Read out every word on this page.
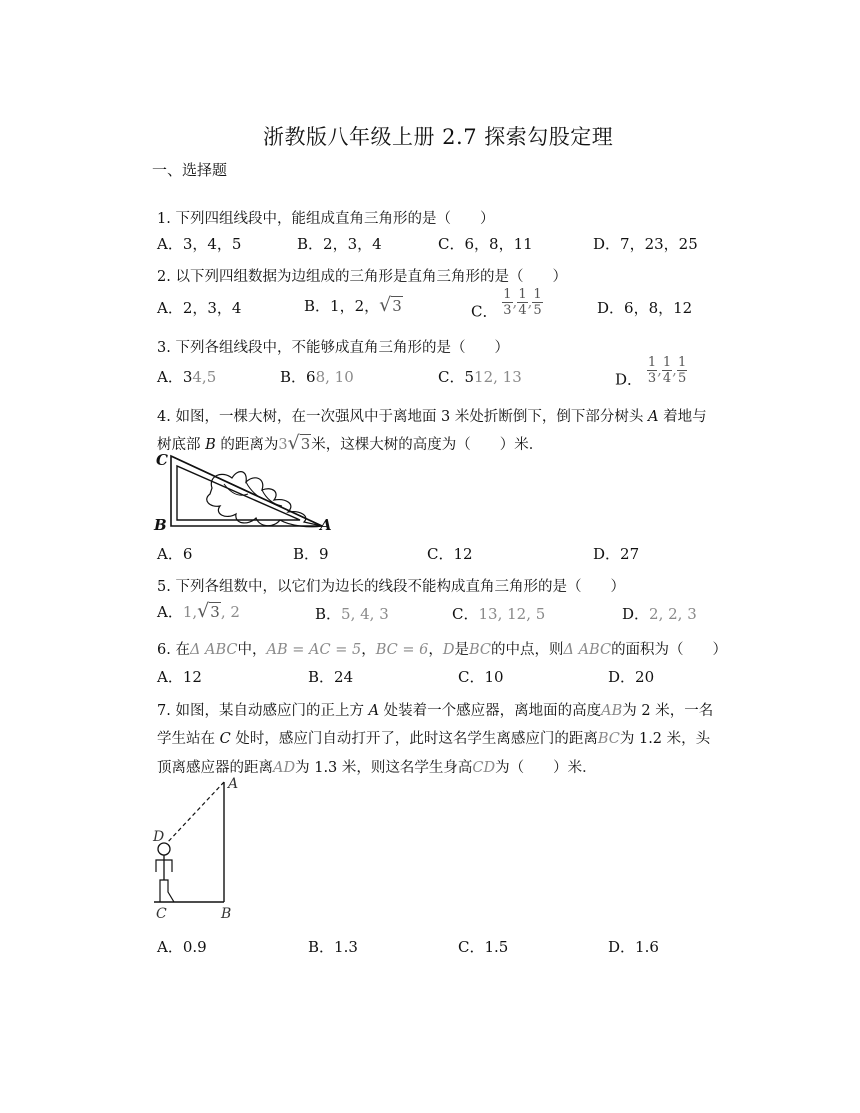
浙教版八年级上册 2.7 探索勾股定理
一、选择题
1. 下列四组线段中，能组成直角三角形的是（　　）
A．3，4，5	B．2，3，4	C．6，8，11	D．7，23，25
2. 以下列四组数据为边组成的三角形是直角三角形的是（　　）
A．2，3，4	B．1，2，√3	C． $\frac{1}{3}$ , $\frac{1}{4}$ , $\frac{1}{5}$	D．6，8，12
3. 下列各组线段中，不能够成直角三角形的是（　　）
A．34,5	B．68, 10	C．512, 13	D． $\frac{1}{3}$ , $\frac{1}{4}$ , $\frac{1}{5}$
4. 如图，一棵大树，在一次强风中于离地面 3 米处折断倒下，倒下部分树头 A 着地与
树底部 B 的距离为3√3米，这棵大树的高度为（　　）米．
C
B	A
A．6	B．9	C．12	D．27
5. 下列各组数中，以它们为边长的线段不能构成直角三角形的是（　　）
A．1,√3, 2	B．5, 4, 3	C．13, 12, 5	D．2, 2, 3
6. 在Δ ABC中，AB = AC = 5，BC = 6，D是BC的中点，则Δ ABC的面积为（　　）
A．12	B．24	C．10	D．20
7. 如图，某自动感应门的正上方 A 处装着一个感应器，离地面的高度AB为 2 米，一名
学生站在 C 处时，感应门自动打开了，此时这名学生离感应门的距离BC为 1.2 米，头
顶离感应器的距离AD为 1.3 米，则这名学生身高CD为（　　）米．
A
D
C	B
A．0.9	B．1.3	C．1.5	D．1.6
